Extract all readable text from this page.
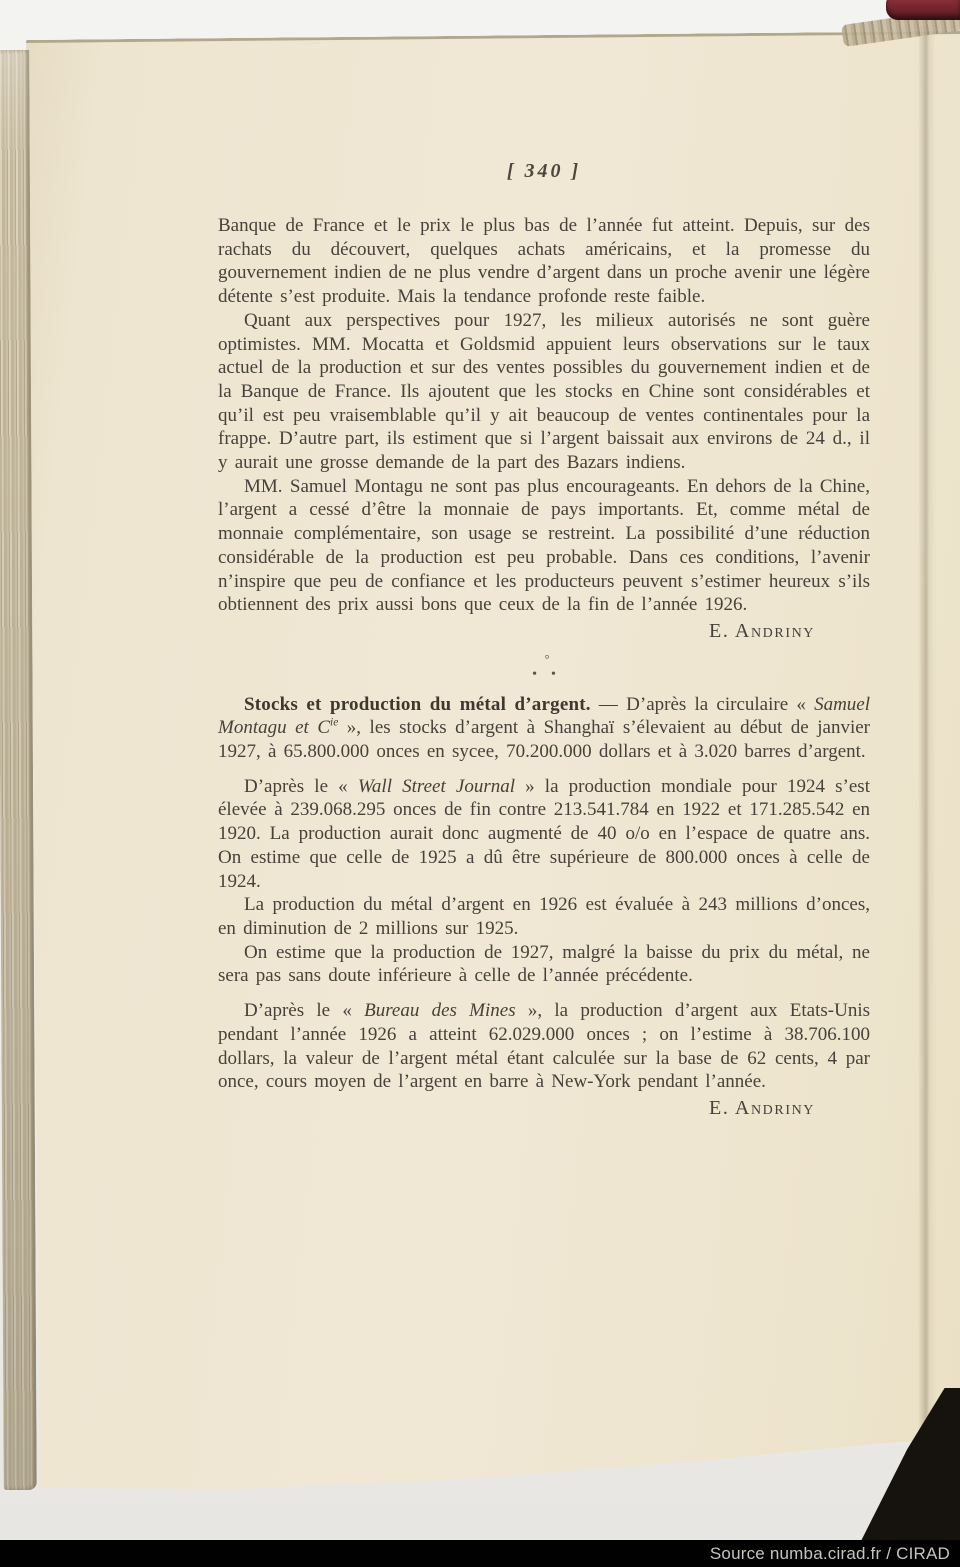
[ 340 ]

Banque de France et le prix le plus bas de l’année fut atteint. Depuis, sur des rachats du découvert, quelques achats américains, et la promesse du gouvernement indien de ne plus vendre d’argent dans un proche avenir une légère détente s’est produite. Mais la tendance profonde reste faible.

Quant aux perspectives pour 1927, les milieux autorisés ne sont guère optimistes. MM. Mocatta et Goldsmid appuient leurs observations sur le taux actuel de la production et sur des ventes possibles du gouvernement indien et de la Banque de France. Ils ajoutent que les stocks en Chine sont considérables et qu’il est peu vraisemblable qu’il y ait beaucoup de ventes continentales pour la frappe. D’autre part, ils estiment que si l’argent baissait aux environs de 24 d., il y aurait une grosse demande de la part des Bazars indiens.

MM. Samuel Montagu ne sont pas plus encourageants. En dehors de la Chine, l’argent a cessé d’être la monnaie de pays importants. Et, comme métal de monnaie complémentaire, son usage se restreint. La possibilité d’une réduction considérable de la production est peu probable. Dans ces conditions, l’avenir n’inspire que peu de confiance et les producteurs peuvent s’estimer heureux s’ils obtiennent des prix aussi bons que ceux de la fin de l’année 1926.

E. Andriny
°
•  •

Stocks et production du métal d’argent. — D’après la circulaire « Samuel Montagu et $C^{ie}$ », les stocks d’argent à Shanghaï s’élevaient au début de janvier 1927, à 65.800.000 onces en sycee, 70.200.000 dollars et à 3.020 barres d’argent.

D’après le « Wall Street Journal » la production mondiale pour 1924 s’est élevée à 239.068.295 onces de fin contre 213.541.784 en 1922 et 171.285.542 en 1920. La production aurait donc augmenté de 40 o/o en l’espace de quatre ans. On estime que celle de 1925 a dû être supérieure de 800.000 onces à celle de 1924.

La production du métal d’argent en 1926 est évaluée à 243 millions d’onces, en diminution de 2 millions sur 1925.

On estime que la production de 1927, malgré la baisse du prix du métal, ne sera pas sans doute inférieure à celle de l’année précédente.

D’après le « Bureau des Mines », la production d’argent aux Etats-Unis pendant l’année 1926 a atteint 62.029.000 onces ; on l’estime à 38.706.100 dollars, la valeur de l’argent métal étant calculée sur la base de 62 cents, 4 par once, cours moyen de l’argent en barre à New-York pendant l’année.

E. Andriny
Source numba.cirad.fr / CIRAD
